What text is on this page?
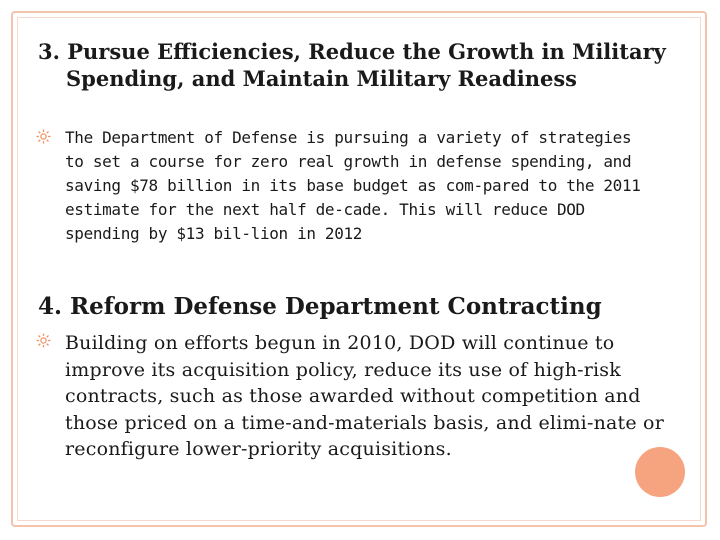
3. Pursue Efficiencies, Reduce the Growth in Military Spending, and Maintain Military Readiness
The Department of Defense is pursuing a variety of strategies to set a course for zero real growth in defense spending, and saving $78 billion in its base budget as com-pared to the 2011 estimate for the next half de-cade. This will reduce DOD spending by $13 bil-lion in 2012
4. Reform Defense Department Contracting
Building on efforts begun in 2010, DOD will continue to improve its acquisition policy, reduce its use of high-risk contracts, such as those awarded without competition and those priced on a time-and-materials basis, and elimi-nate or reconfigure lower-priority acquisitions.
